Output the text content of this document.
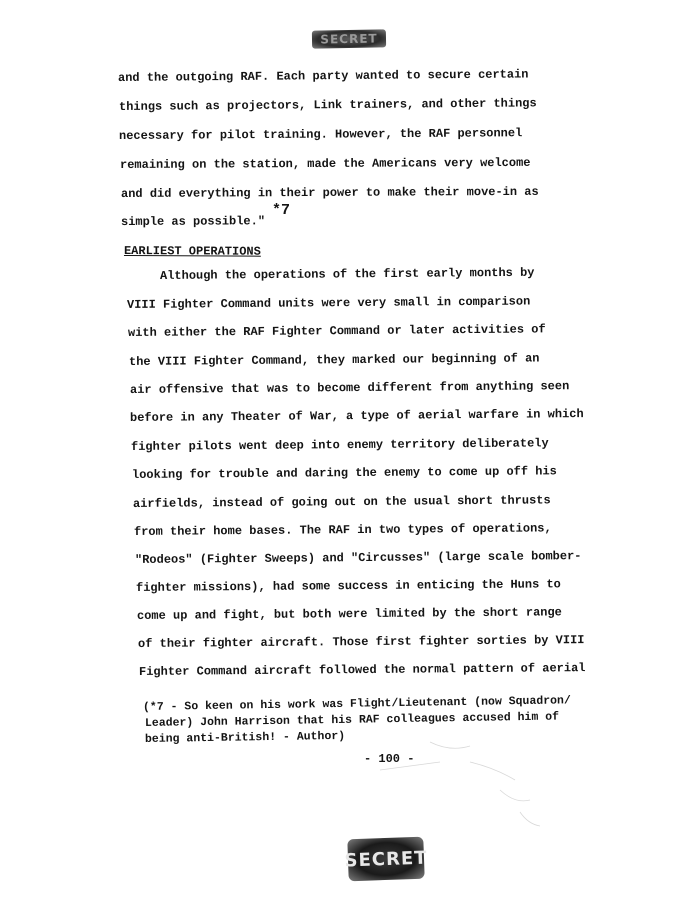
SECRET
and the outgoing RAF. Each party wanted to secure certain
things such as projectors, Link trainers, and other things
necessary for pilot training. However, the RAF personnel
remaining on the station, made the Americans very welcome
and did everything in their power to make their move-in as
simple as possible."
*7
EARLIEST OPERATIONS
Although the operations of the first early months by
VIII Fighter Command units were very small in comparison
with either the RAF Fighter Command or later activities of
the VIII Fighter Command, they marked our beginning of an
air offensive that was to become different from anything seen
before in any Theater of War, a type of aerial warfare in which
fighter pilots went deep into enemy territory deliberately
looking for trouble and daring the enemy to come up off his
airfields, instead of going out on the usual short thrusts
from their home bases. The RAF in two types of operations,
"Rodeos" (Fighter Sweeps) and "Circusses" (large scale bomber-
fighter missions), had some success in enticing the Huns to
come up and fight, but both were limited by the short range
of their fighter aircraft. Those first fighter sorties by VIII
Fighter Command aircraft followed the normal pattern of aerial
(*7 - So keen on his work was Flight/Lieutenant (now Squadron/
Leader) John Harrison that his RAF colleagues accused him of
being anti-British! - Author)
- 100 -
SECRET
